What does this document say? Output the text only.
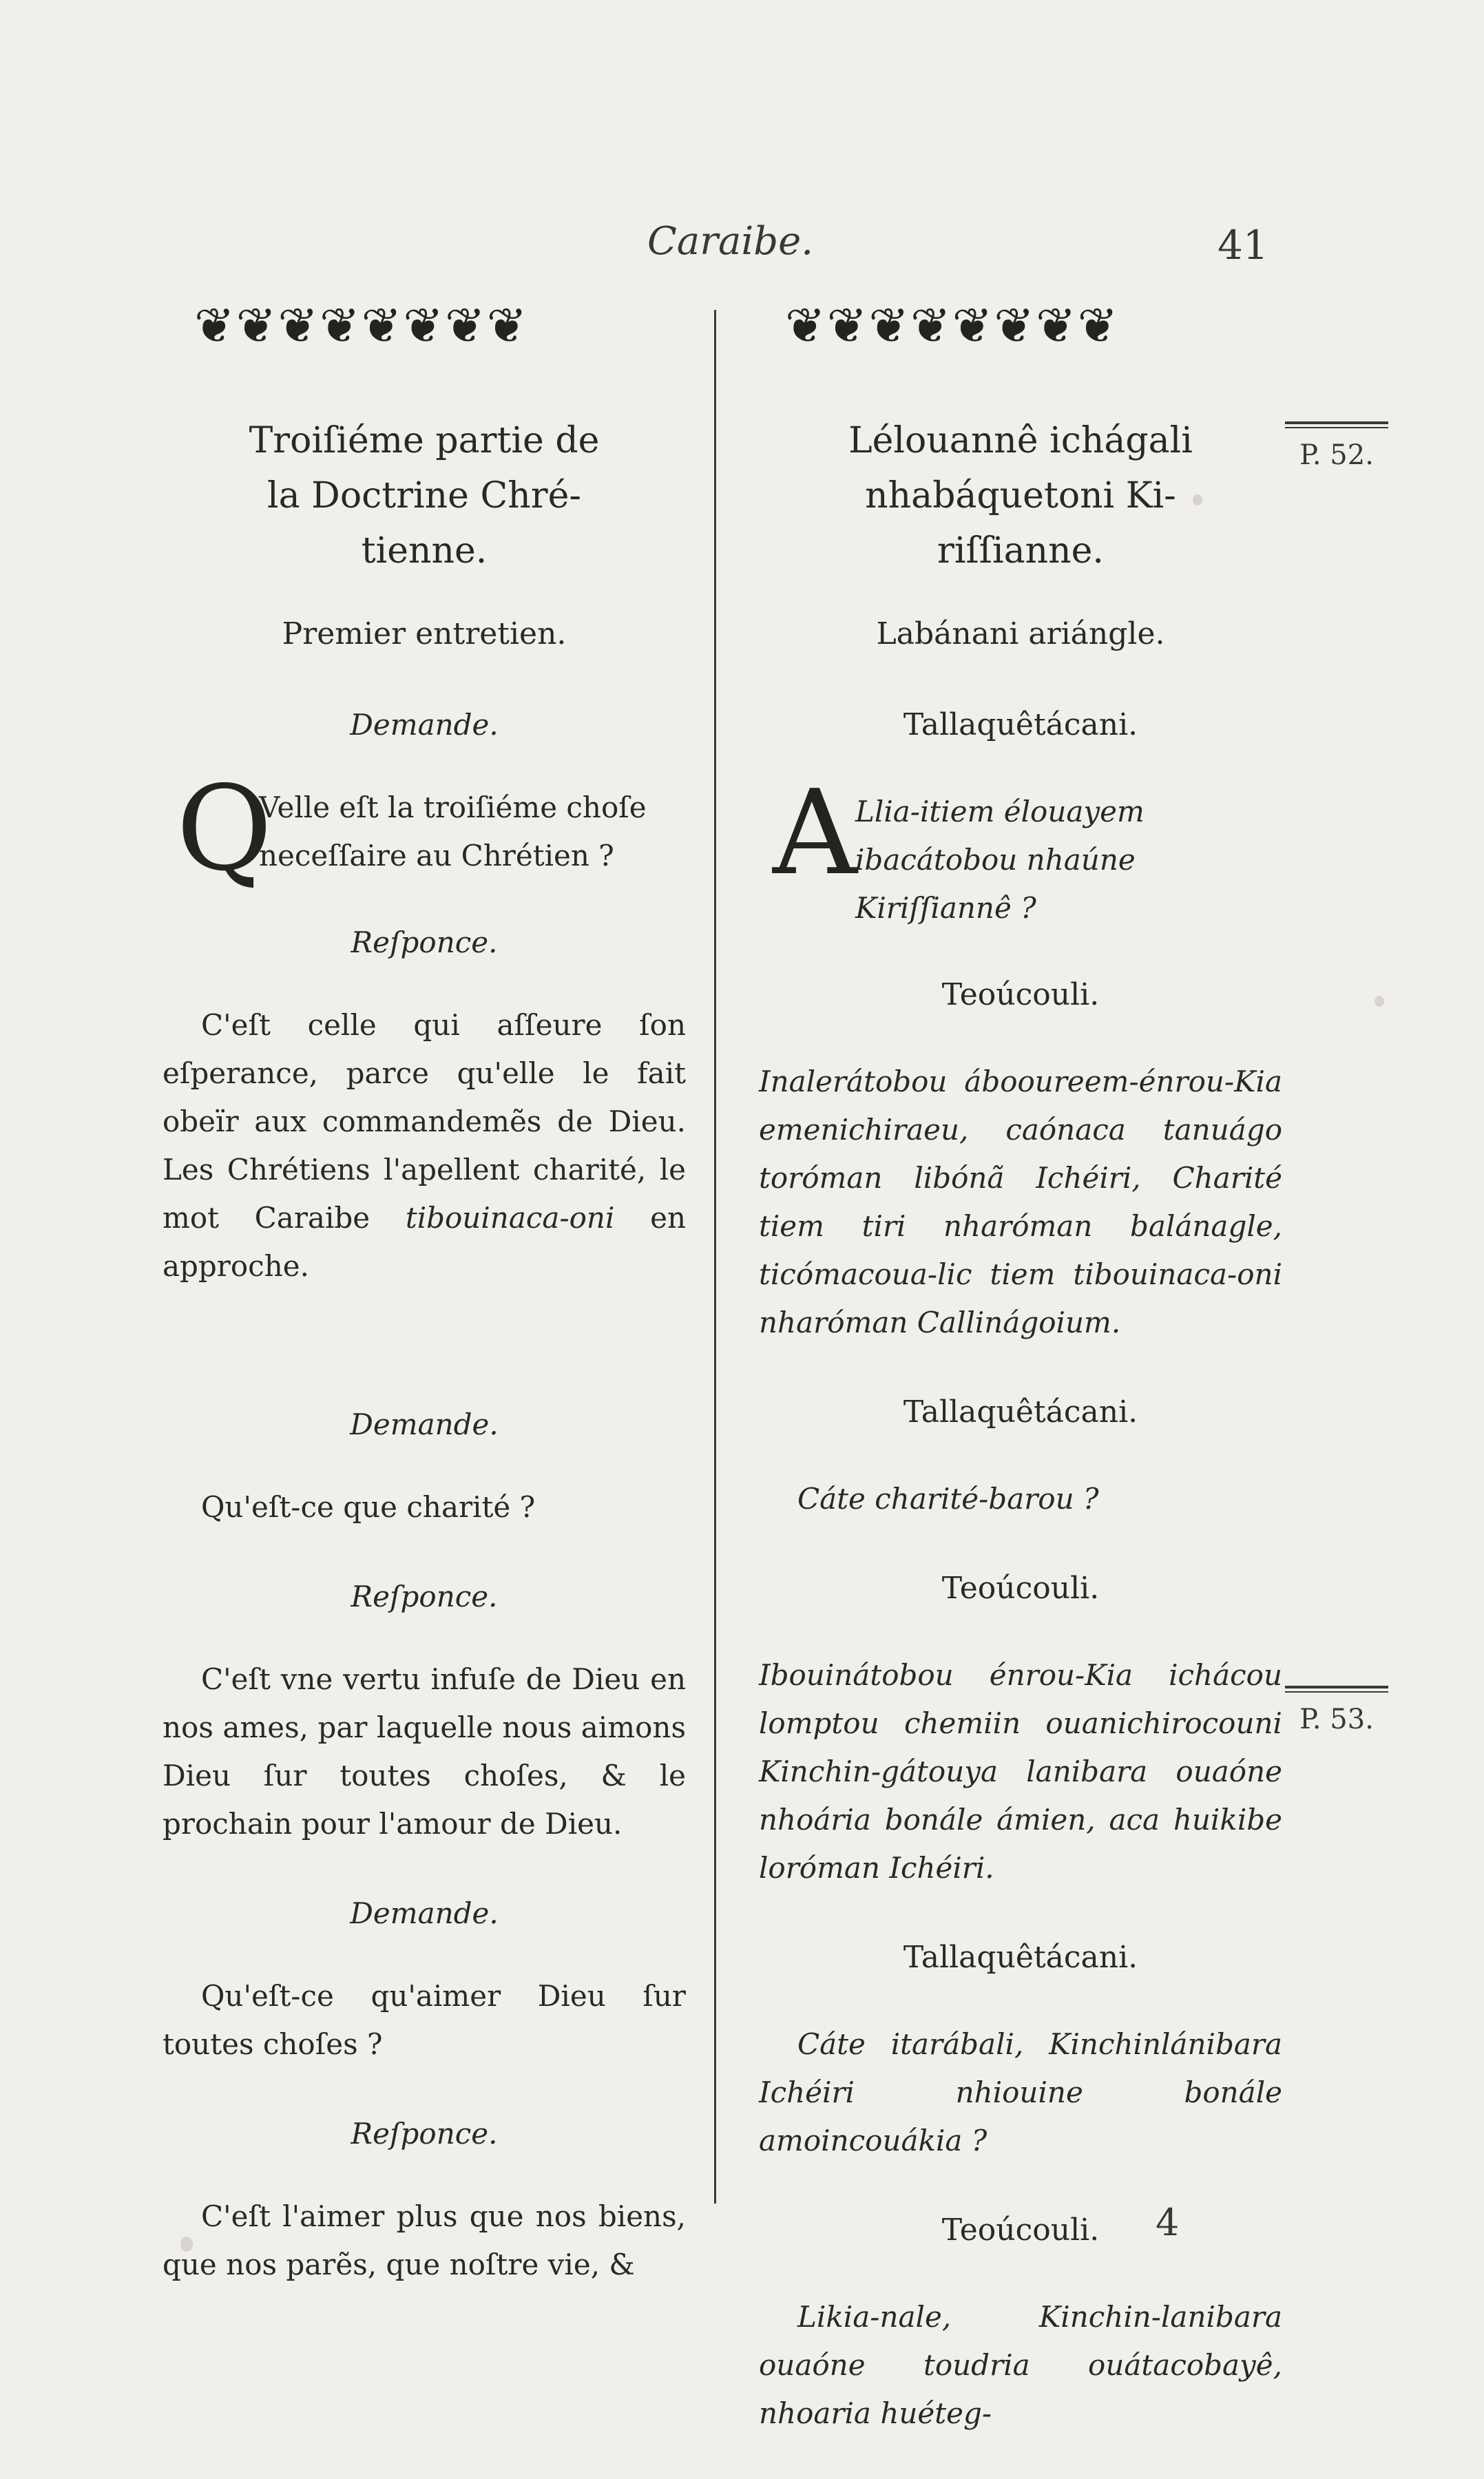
Caraibe.	41
❦ ❦ ❦ ❦ ❦ ❦ ❦ ❦	❦ ❦ ❦ ❦ ❦ ❦ ❦ ❦
Troiſiéme partie de
la Doctrine Chré-
tienne.
Premier entretien.
Demande.
Q
Velle eſt la troiſiéme choſe neceſſaire au Chrétien ?
Reſponce.

C'eſt celle qui aſſeure ſon eſperance, parce qu'elle le fait obeïr aux commandemẽs de Dieu. Les Chrétiens l'apellent charité, le mot Caraibe tibouinaca-oni en approche.

Demande.

Qu'eſt-ce que charité ?

Reſponce.

C'eſt vne vertu infuſe de Dieu en nos ames, par laquelle nous aimons Dieu ſur toutes choſes, & le prochain pour l'amour de Dieu.

Demande.

Qu'eſt-ce qu'aimer Dieu ſur toutes choſes ?

Reſponce.

C'eſt l'aimer plus que nos biens, que nos parẽs, que noſtre vie, &

Lélouannê ichágali
nhabáquetoni Ki-
riſſianne.
Labánani ariángle.
Tallaquêtácani.
A
Llia-itiem élouayem ibacátobou nhaúne Kiriſſiannê ?
Teoúcouli.

Inalerátobou ábooureem-énrou-Kia emenichiraeu, caónaca tanuágo toróman libónã Ichéiri, Charité tiem tiri nharóman balánagle, ticómacoua-lic tiem tibouinaca-oni nharóman Callinágoium.

Tallaquêtácani.

Cáte charité-barou ?

Teoúcouli.

Ibouinátobou énrou-Kia ichácou lomptou chemiin ouanichirocouni Kinchin-gátouya lanibara ouaóne nhoária bonále ámien, aca huikibe loróman Ichéiri.

Tallaquêtácani.

Cáte itarábali, Kinchinlánibara Ichéiri nhiouine bonále amoincouákia ?

Teoúcouli.

Likia-nale, Kinchin-lanibara ouaóne toudria ouátacobayê, nhoaria huéteg-

P. 52.
P. 53.
4
